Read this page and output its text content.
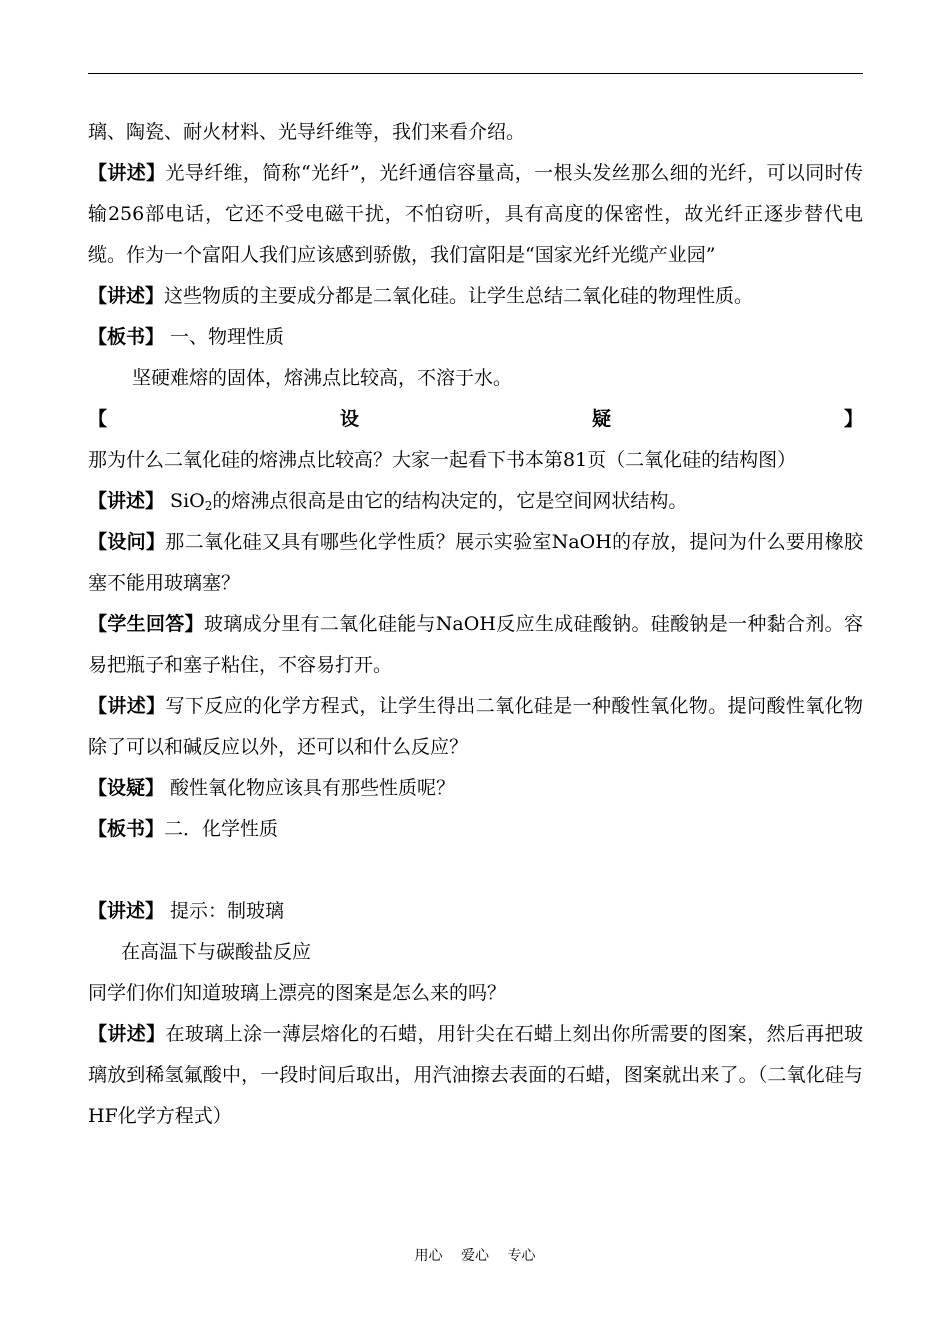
璃、陶瓷、耐火材料、光导纤维等，我们来看介绍。

【讲述】光导纤维，简称“光纤”，光纤通信容量高，一根头发丝那么细的光纤，可以同时传输256部电话，它还不受电磁干扰，不怕窃听，具有高度的保密性，故光纤正逐步替代电缆。作为一个富阳人我们应该感到骄傲，我们富阳是“国家光纤光缆产业园”

【讲述】这些物质的主要成分都是二氧化硅。让学生总结二氧化硅的物理性质。

【板书】 一、物理性质

坚硬难熔的固体，熔沸点比较高，不溶于水。

【设疑】那为什么二氧化硅的熔沸点比较高？大家一起看下书本第81页（二氧化硅的结构图）

【讲述】 SiO$_2$的熔沸点很高是由它的结构决定的，它是空间网状结构。

【设问】那二氧化硅又具有哪些化学性质？展示实验室NaOH的存放，提问为什么要用橡胶塞不能用玻璃塞？

【学生回答】玻璃成分里有二氧化硅能与NaOH反应生成硅酸钠。硅酸钠是一种黏合剂。容易把瓶子和塞子粘住，不容易打开。

【讲述】写下反应的化学方程式，让学生得出二氧化硅是一种酸性氧化物。提问酸性氧化物除了可以和碱反应以外，还可以和什么反应？

【设疑】 酸性氧化物应该具有那些性质呢？

【板书】二．化学性质

【讲述】 提示：制玻璃

在高温下与碳酸盐反应

同学们你们知道玻璃上漂亮的图案是怎么来的吗？

【讲述】在玻璃上涂一薄层熔化的石蜡，用针尖在石蜡上刻出你所需要的图案，然后再把玻璃放到稀氢氟酸中，一段时间后取出，用汽油擦去表面的石蜡，图案就出来了。（二氧化硅与HF化学方程式）

用心 爱心 专心
